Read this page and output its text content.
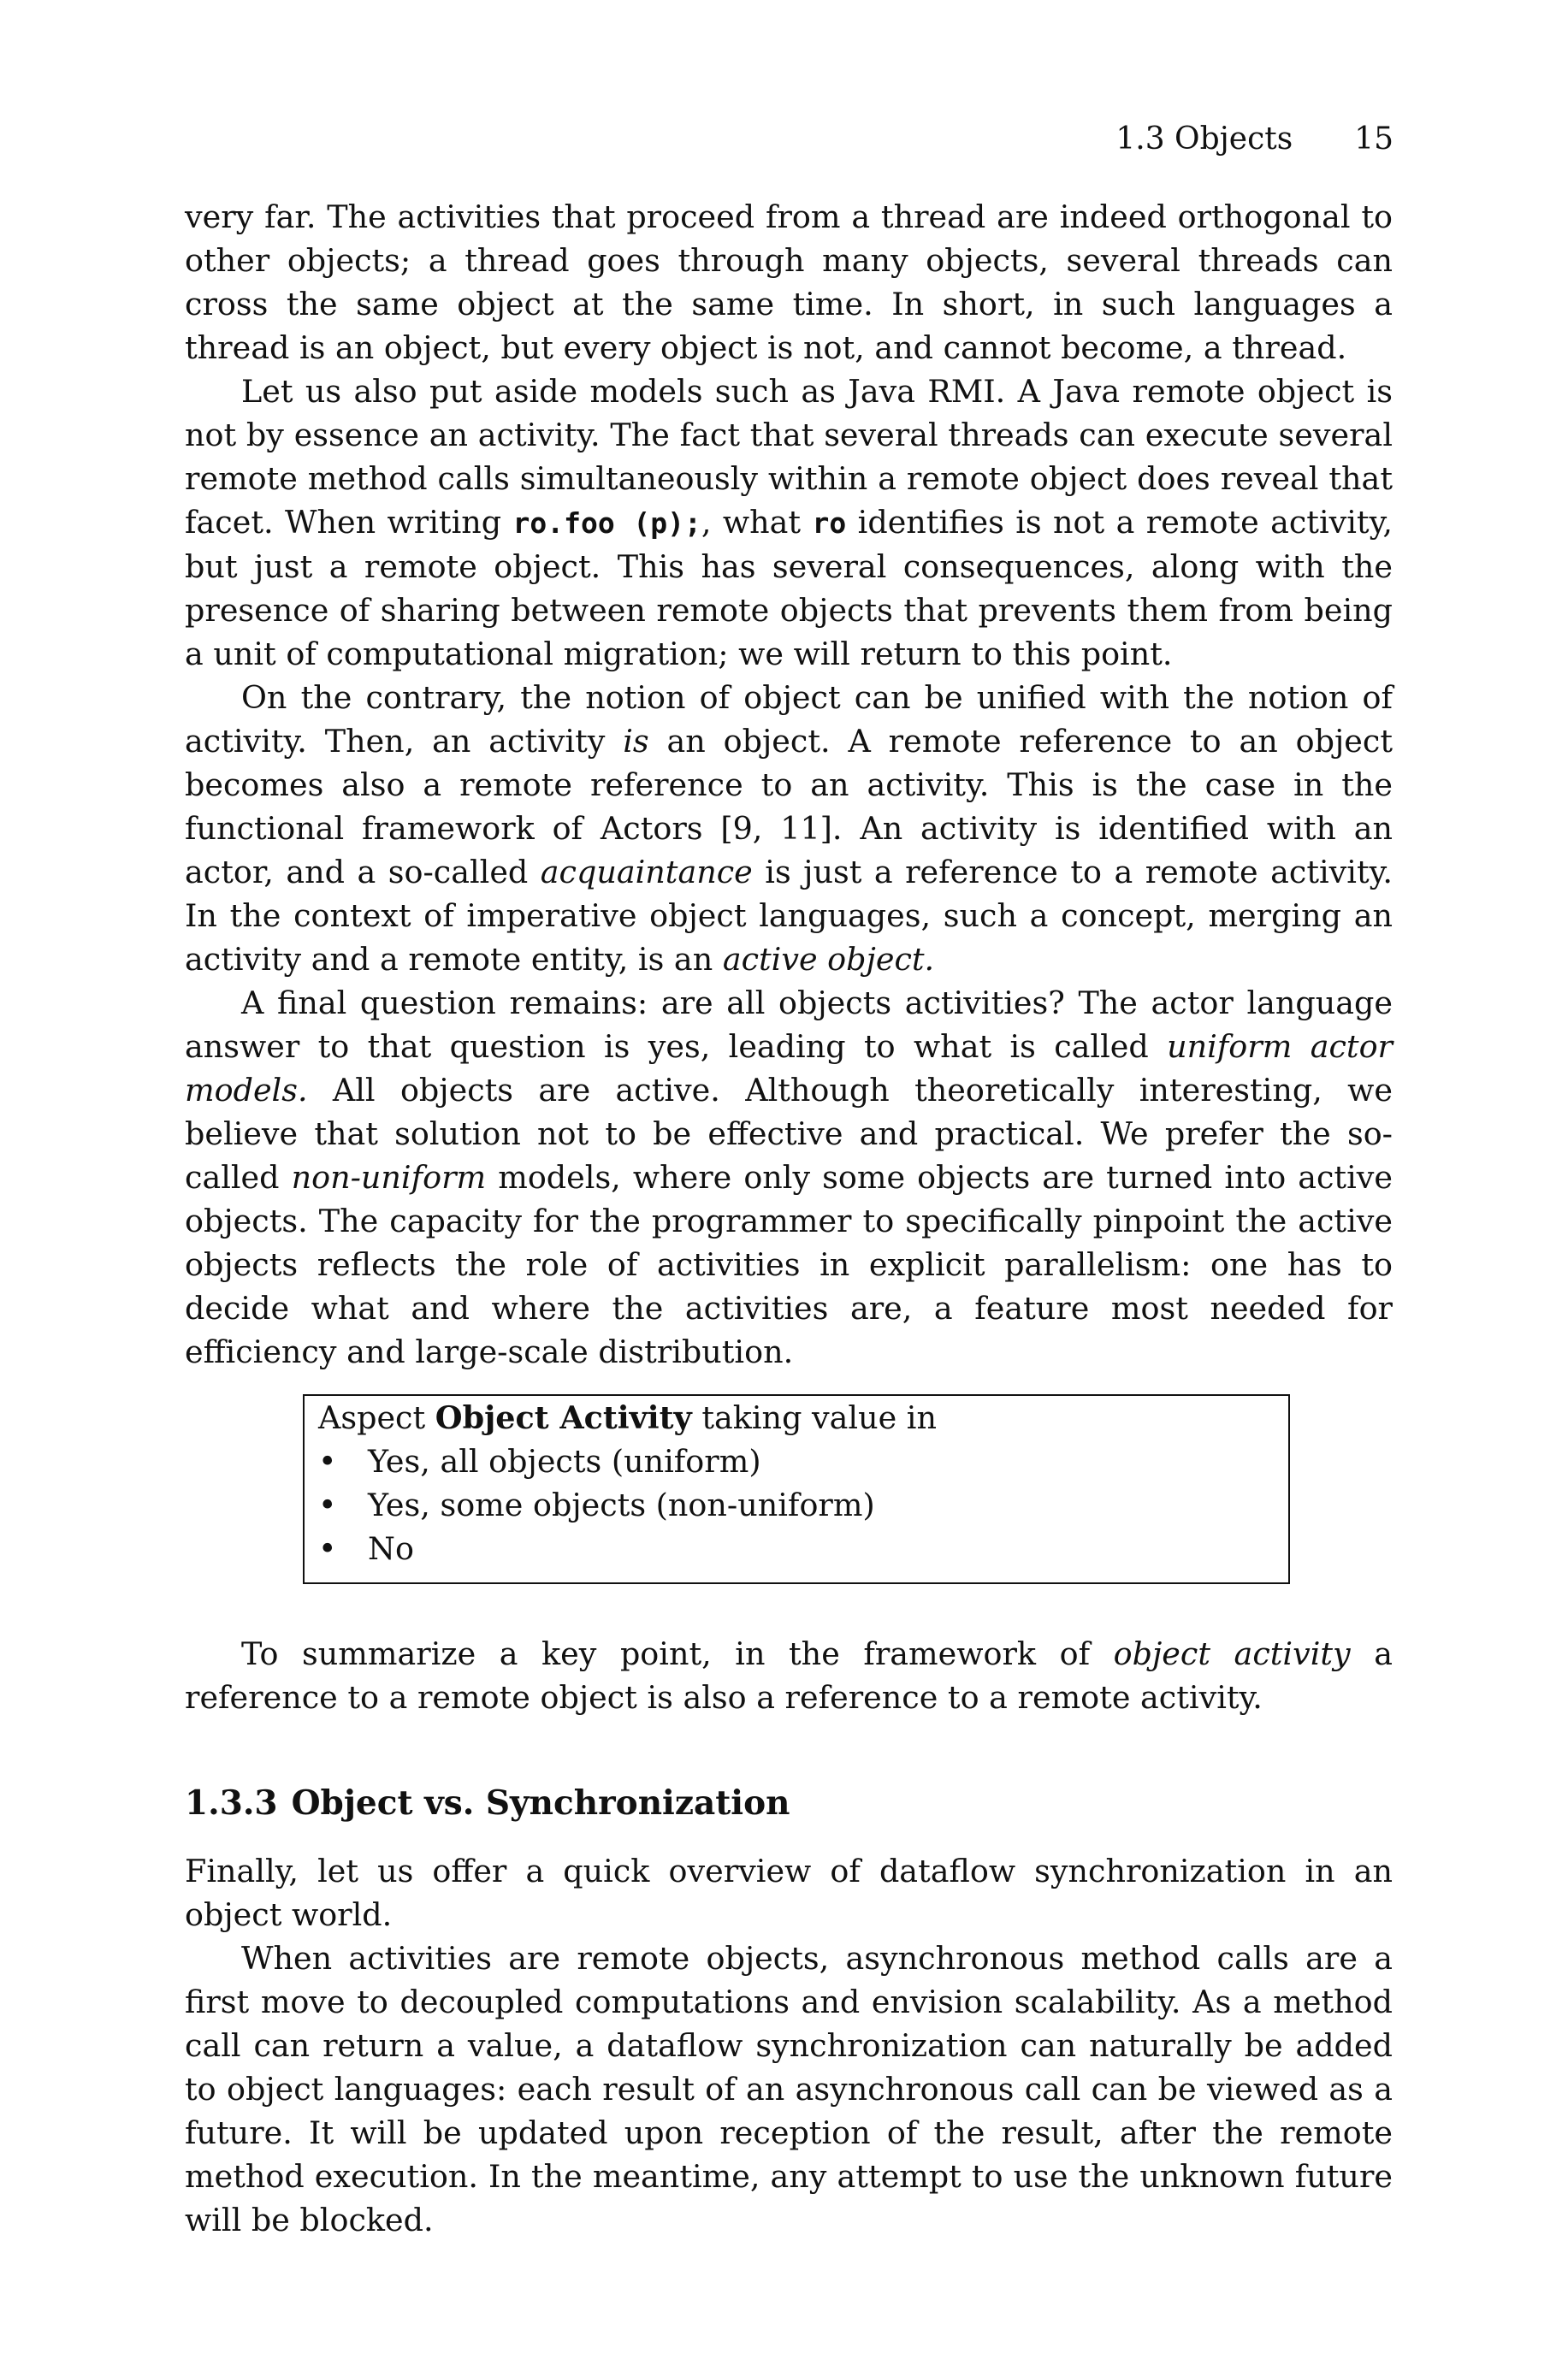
1.3 Objects 15

very far. The activities that proceed from a thread are indeed orthogonal to other objects; a thread goes through many objects, several threads can cross the same object at the same time. In short, in such languages a thread is an object, but every object is not, and cannot become, a thread.

Let us also put aside models such as Java RMI. A Java remote object is not by essence an activity. The fact that several threads can execute several remote method calls simultaneously within a remote object does reveal that facet. When writing ro.foo (p);, what ro identifies is not a remote activity, but just a remote object. This has several consequences, along with the presence of sharing between remote objects that prevents them from being a unit of computational migration; we will return to this point.

On the contrary, the notion of object can be unified with the notion of activity. Then, an activity is an object. A remote reference to an object becomes also a remote reference to an activity. This is the case in the functional framework of Actors [9, 11]. An activity is identified with an actor, and a so-called acquaintance is just a reference to a remote activity. In the context of imperative object languages, such a concept, merging an activity and a remote entity, is an active object.

A final question remains: are all objects activities? The actor language answer to that question is yes, leading to what is called uniform actor models. All objects are active. Although theoretically interesting, we believe that solution not to be effective and practical. We prefer the so-called non-uniform models, where only some objects are turned into active objects. The capacity for the programmer to specifically pinpoint the active objects reflects the role of activities in explicit parallelism: one has to decide what and where the activities are, a feature most needed for efficiency and large-scale distribution.

Aspect Object Activity taking value in
• Yes, all objects (uniform)
• Yes, some objects (non-uniform)
• No

To summarize a key point, in the framework of object activity a reference to a remote object is also a reference to a remote activity.

1.3.3 Object vs. Synchronization

Finally, let us offer a quick overview of dataflow synchronization in an object world.

When activities are remote objects, asynchronous method calls are a first move to decoupled computations and envision scalability. As a method call can return a value, a dataflow synchronization can naturally be added to object languages: each result of an asynchronous call can be viewed as a future. It will be updated upon reception of the result, after the remote method execution. In the meantime, any attempt to use the unknown future will be blocked.
